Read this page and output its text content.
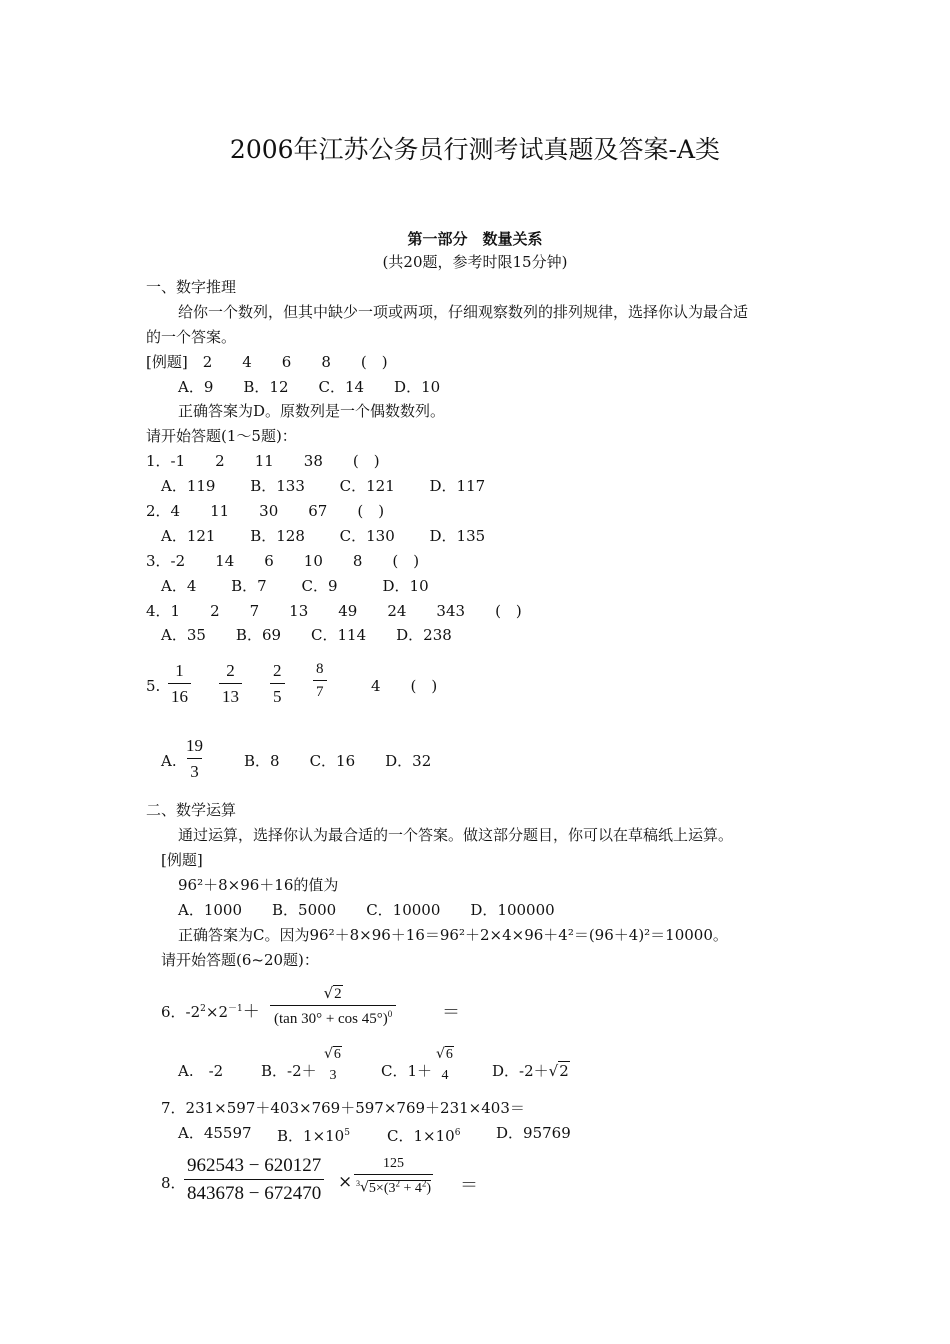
2006年江苏公务员行测考试真题及答案-A类
第一部分　数量关系
(共20题，参考时限15分钟)
一、数字推理
给你一个数列，但其中缺少一项或两项，仔细观察数列的排列规律，选择你认为最合适
的一个答案。
[例题]　2　　4　　6　　8　　(　)
A．9　　B．12　　C．14　　D．10
正确答案为D。原数列是一个偶数数列。
请开始答题(1～5题)：
1．-1　　2　　11　　38　　(　)
A．119　　 B．133　　 C．121　　 D．117
2．4　　11　　30　　67　　(　)
A．121　　 B．128　　 C．130　　 D．135
3．-2　　14　　6　　10　　8　　(　)
A．4　　 B．7　　 C．9　　　D．10
4．1　　2　　7　　13　　49　　24　　343　　(　)
A．35　　B．69　　C．114　　D．238
5. $\frac{1}{16} \frac{2}{13} \frac{2}{5} \frac{8}{7}$	4　　(　)
A. $\frac{19}{3}$	B．8　　C．16　　D．32
二、数学运算
通过运算，选择你认为最合适的一个答案。做这部分题目，你可以在草稿纸上运算。
[例题]
96²＋8×96＋16的值为
A．1000　　B．5000　　C．10000　　D．100000
正确答案为C。因为96²＋8×96＋16＝96²＋2×4×96＋4²＝(96＋4)²＝10000。
请开始答题(6~20题)：
6．$-2^2\times 2^{-1}+ \frac{√2}{(\tan 30^\circ + \cos 45^\circ)^0}$	＝
A.　-2	B．-2＋
√6
3	C．1＋
√6
4	D．-2＋√2
7．231×597＋403×769＋597×769＋231×403＝
A．45597 B．$1\times 10^5$ C．$1\times 10^6$ D．95769
8．
$\frac{962543 - 620127}{843678 - 672470} \times \frac{125}{^3√5\times(3^2 + 4^2)}$ ＝
